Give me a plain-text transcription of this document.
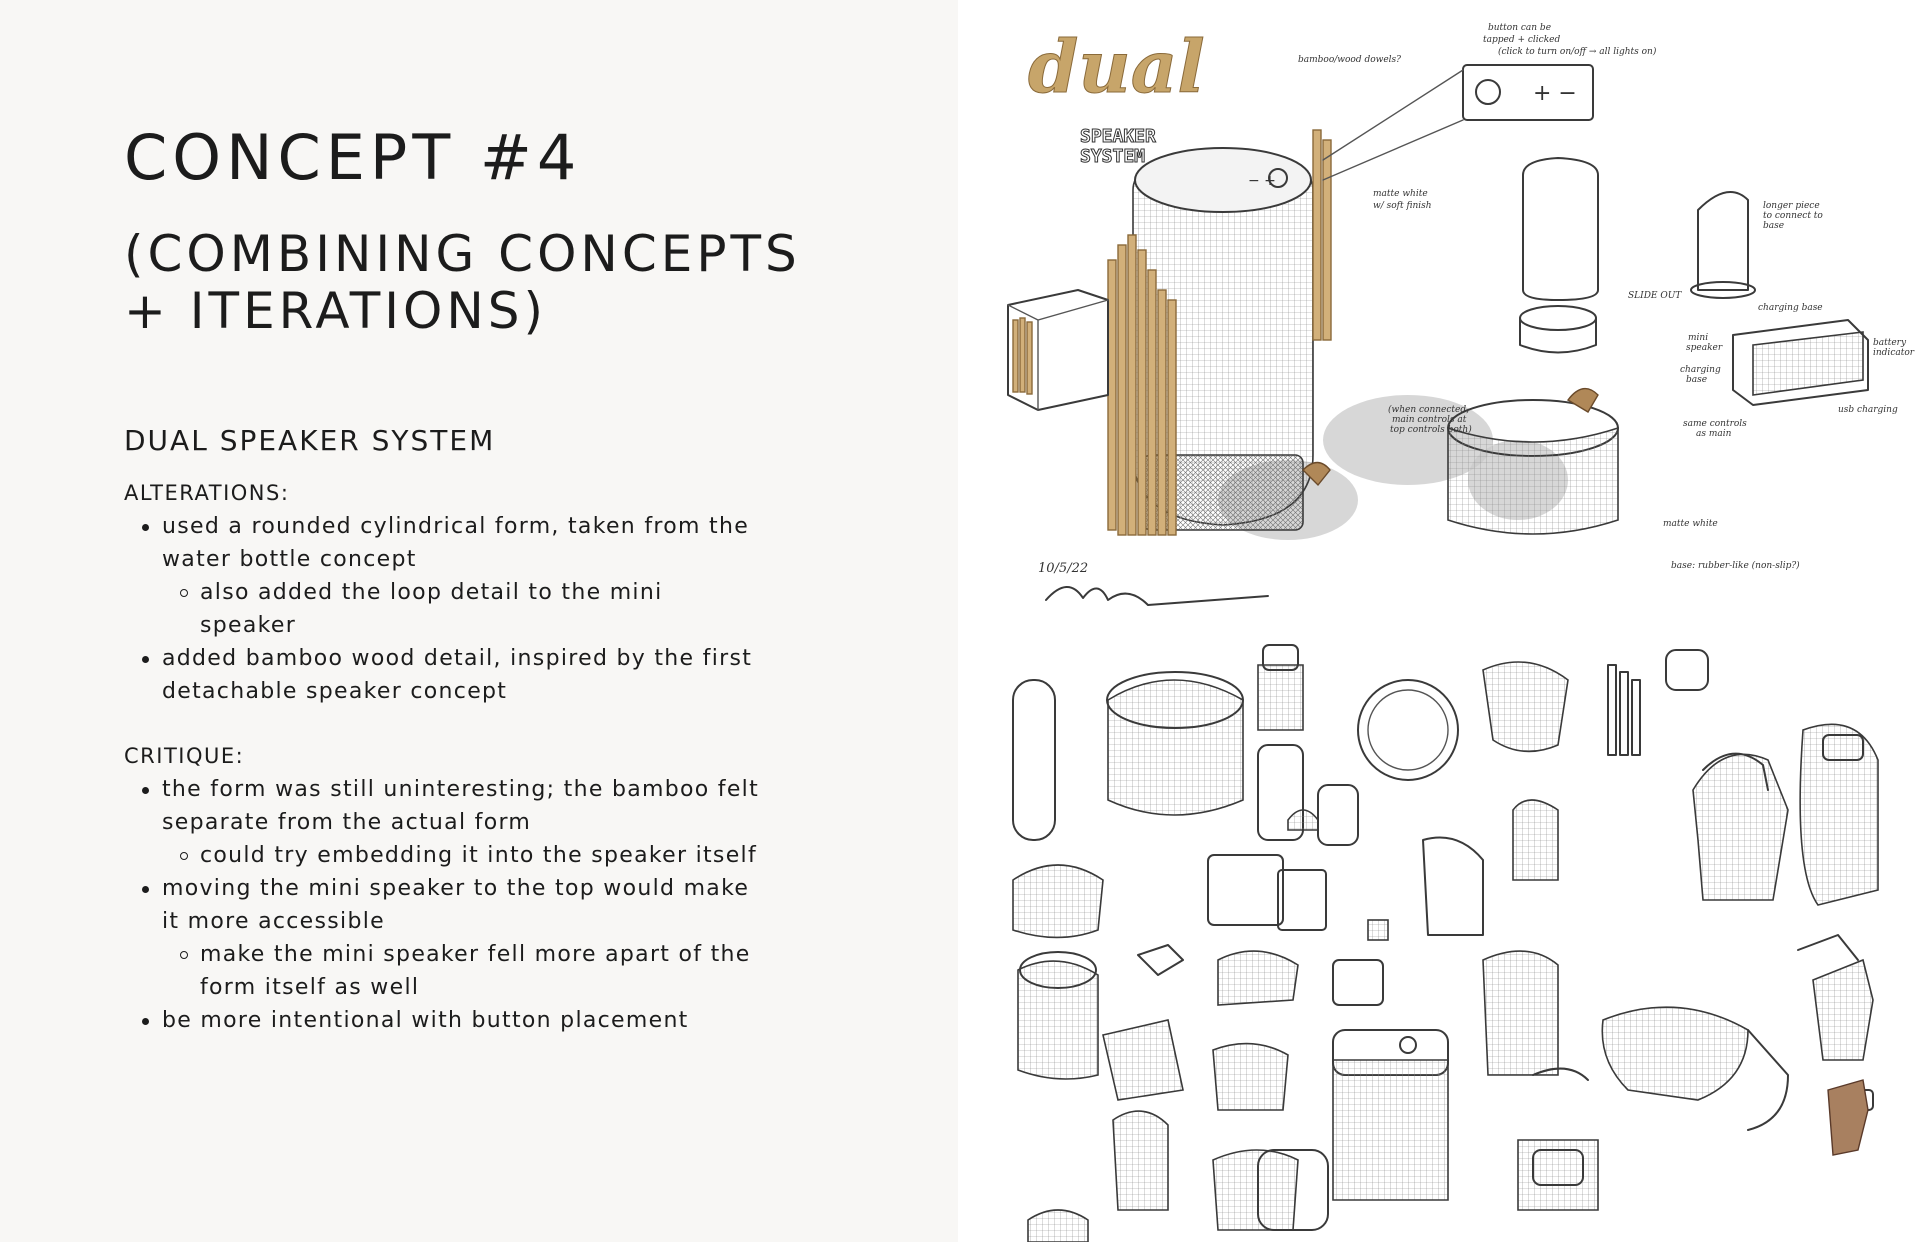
CONCEPT #4
(COMBINING CONCEPTS
+ ITERATIONS)
DUAL SPEAKER SYSTEM

ALTERATIONS:

used a rounded cylindrical form, taken from the water bottle concept
also added the loop detail to the mini speaker
added bamboo wood detail, inspired by the first detachable speaker concept

CRITIQUE:

the form was still uninteresting; the bamboo felt separate from the actual form
could try embedding it into the speaker itself
moving the mini speaker to the top would make it more accessible
make the mini speaker fell more apart of the form itself as well
be more intentional with button placement
dual
SPEAKER
SYSTEM
− +
+ −
button can be
tapped + clicked
(click to turn on/off → all lights on)
bamboo/wood dowels?
matte white
w/ soft finish
SLIDE OUT
longer piece
to connect to
base
charging base
mini
speaker
charging
base
battery
indicator
usb charging
same controls
as main
matte white
base: rubber-like (non-slip?)
(when connected,
main controls at
top controls both)
10/5/22
